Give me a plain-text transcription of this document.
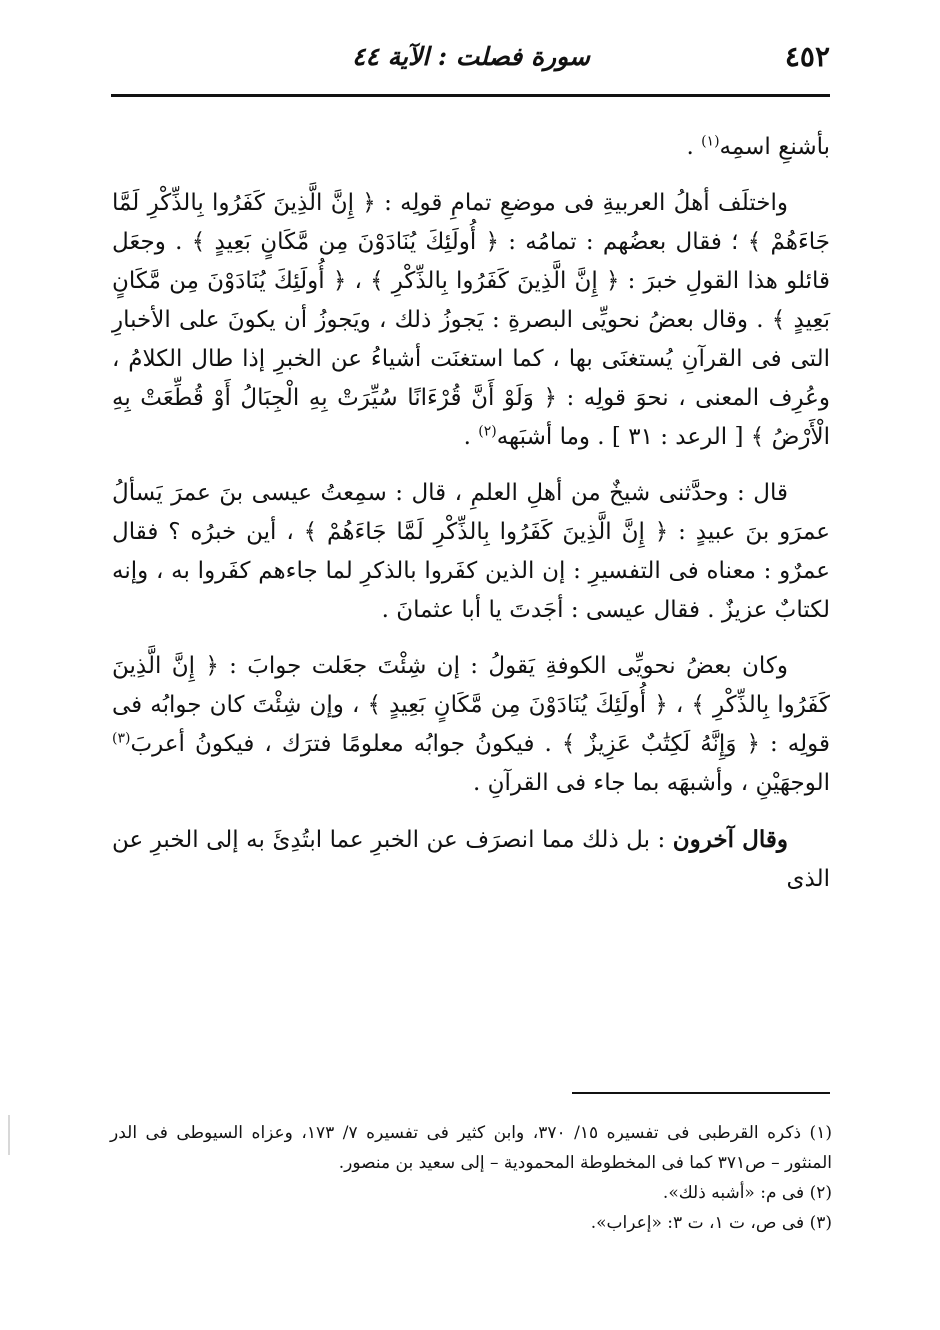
٤٥٢
سورة فصلت : الآية ٤٤

بأشنعِ اسمِه$^{(١)}$ .

واختلَف أهلُ العربيةِ فى موضعِ تمامِ قولِه : ﴿ إِنَّ الَّذِينَ كَفَرُوا بِالذِّكْرِ لَمَّا جَاءَهُمْ ﴾ ؛ فقال بعضُهم : تمامُه : ﴿ أُولَئِكَ يُنَادَوْنَ مِن مَّكَانٍ بَعِيدٍ ﴾ . وجعَل قائلو هذا القولِ خبرَ : ﴿ إِنَّ الَّذِينَ كَفَرُوا بِالذِّكْرِ ﴾ ، ﴿ أُولَئِكَ يُنَادَوْنَ مِن مَّكَانٍ بَعِيدٍ ﴾ . وقال بعضُ نحويِّى البصرةِ : يَجوزُ ذلك ، ويَجوزُ أن يكونَ على الأخبارِ التى فى القرآنِ يُستغنَى بها ، كما استغنَت أشياءُ عن الخبرِ إذا طال الكلامُ ، وعُرِف المعنى ، نحوَ قولِه : ﴿ وَلَوْ أَنَّ قُرْءَانًا سُيِّرَتْ بِهِ الْجِبَالُ أَوْ قُطِّعَتْ بِهِ الْأَرْضُ ﴾ [ الرعد : ٣١ ] . وما أشبَهه$^{(٢)}$ .

قال : وحدَّثنى شيخٌ من أهلِ العلمِ ، قال : سمِعتُ عيسى بنَ عمرَ يَسألُ عمرَو بنَ عبيدٍ : ﴿ إِنَّ الَّذِينَ كَفَرُوا بِالذِّكْرِ لَمَّا جَاءَهُمْ ﴾ ، أين خبرُه ؟ فقال عمرٌو : معناه فى التفسيرِ : إن الذين كفَروا بالذكرِ لما جاءهم كفَروا به ، وإنه لكتابٌ عزيزٌ . فقال عيسى : أجَدتَ يا أبا عثمانَ .

وكان بعضُ نحويِّى الكوفةِ يَقولُ : إن شِئْتَ جعَلت جوابَ : ﴿ إِنَّ الَّذِينَ كَفَرُوا بِالذِّكْرِ ﴾ ، ﴿ أُولَئِكَ يُنَادَوْنَ مِن مَّكَانٍ بَعِيدٍ ﴾ ، وإن شِئْتَ كان جوابُه فى قولِه : ﴿ وَإِنَّهُ لَكِتَٰبٌ عَزِيزٌ ﴾ . فيكونُ جوابُه معلومًا فترَك ، فيكونُ أعربَ$^{(٣)}$ الوجهَيْنِ ، وأشبهَه بما جاء فى القرآنِ .

وقال آخرون : بل ذلك مما انصرَف عن الخبرِ عما ابتُدِئَ به إلى الخبرِ عن الذى

(١) ذكره القرطبى فى تفسيره ١٥/ ٣٧٠، وابن كثير فى تفسيره ٧/ ١٧٣، وعزاه السيوطى فى الدر المنثور – ص٣٧١ كما فى المخطوطة المحمودية – إلى سعيد بن منصور.

(٢) فى م: «أشبه ذلك».

(٣) فى ص، ت ١، ت ٣: «إعراب».
